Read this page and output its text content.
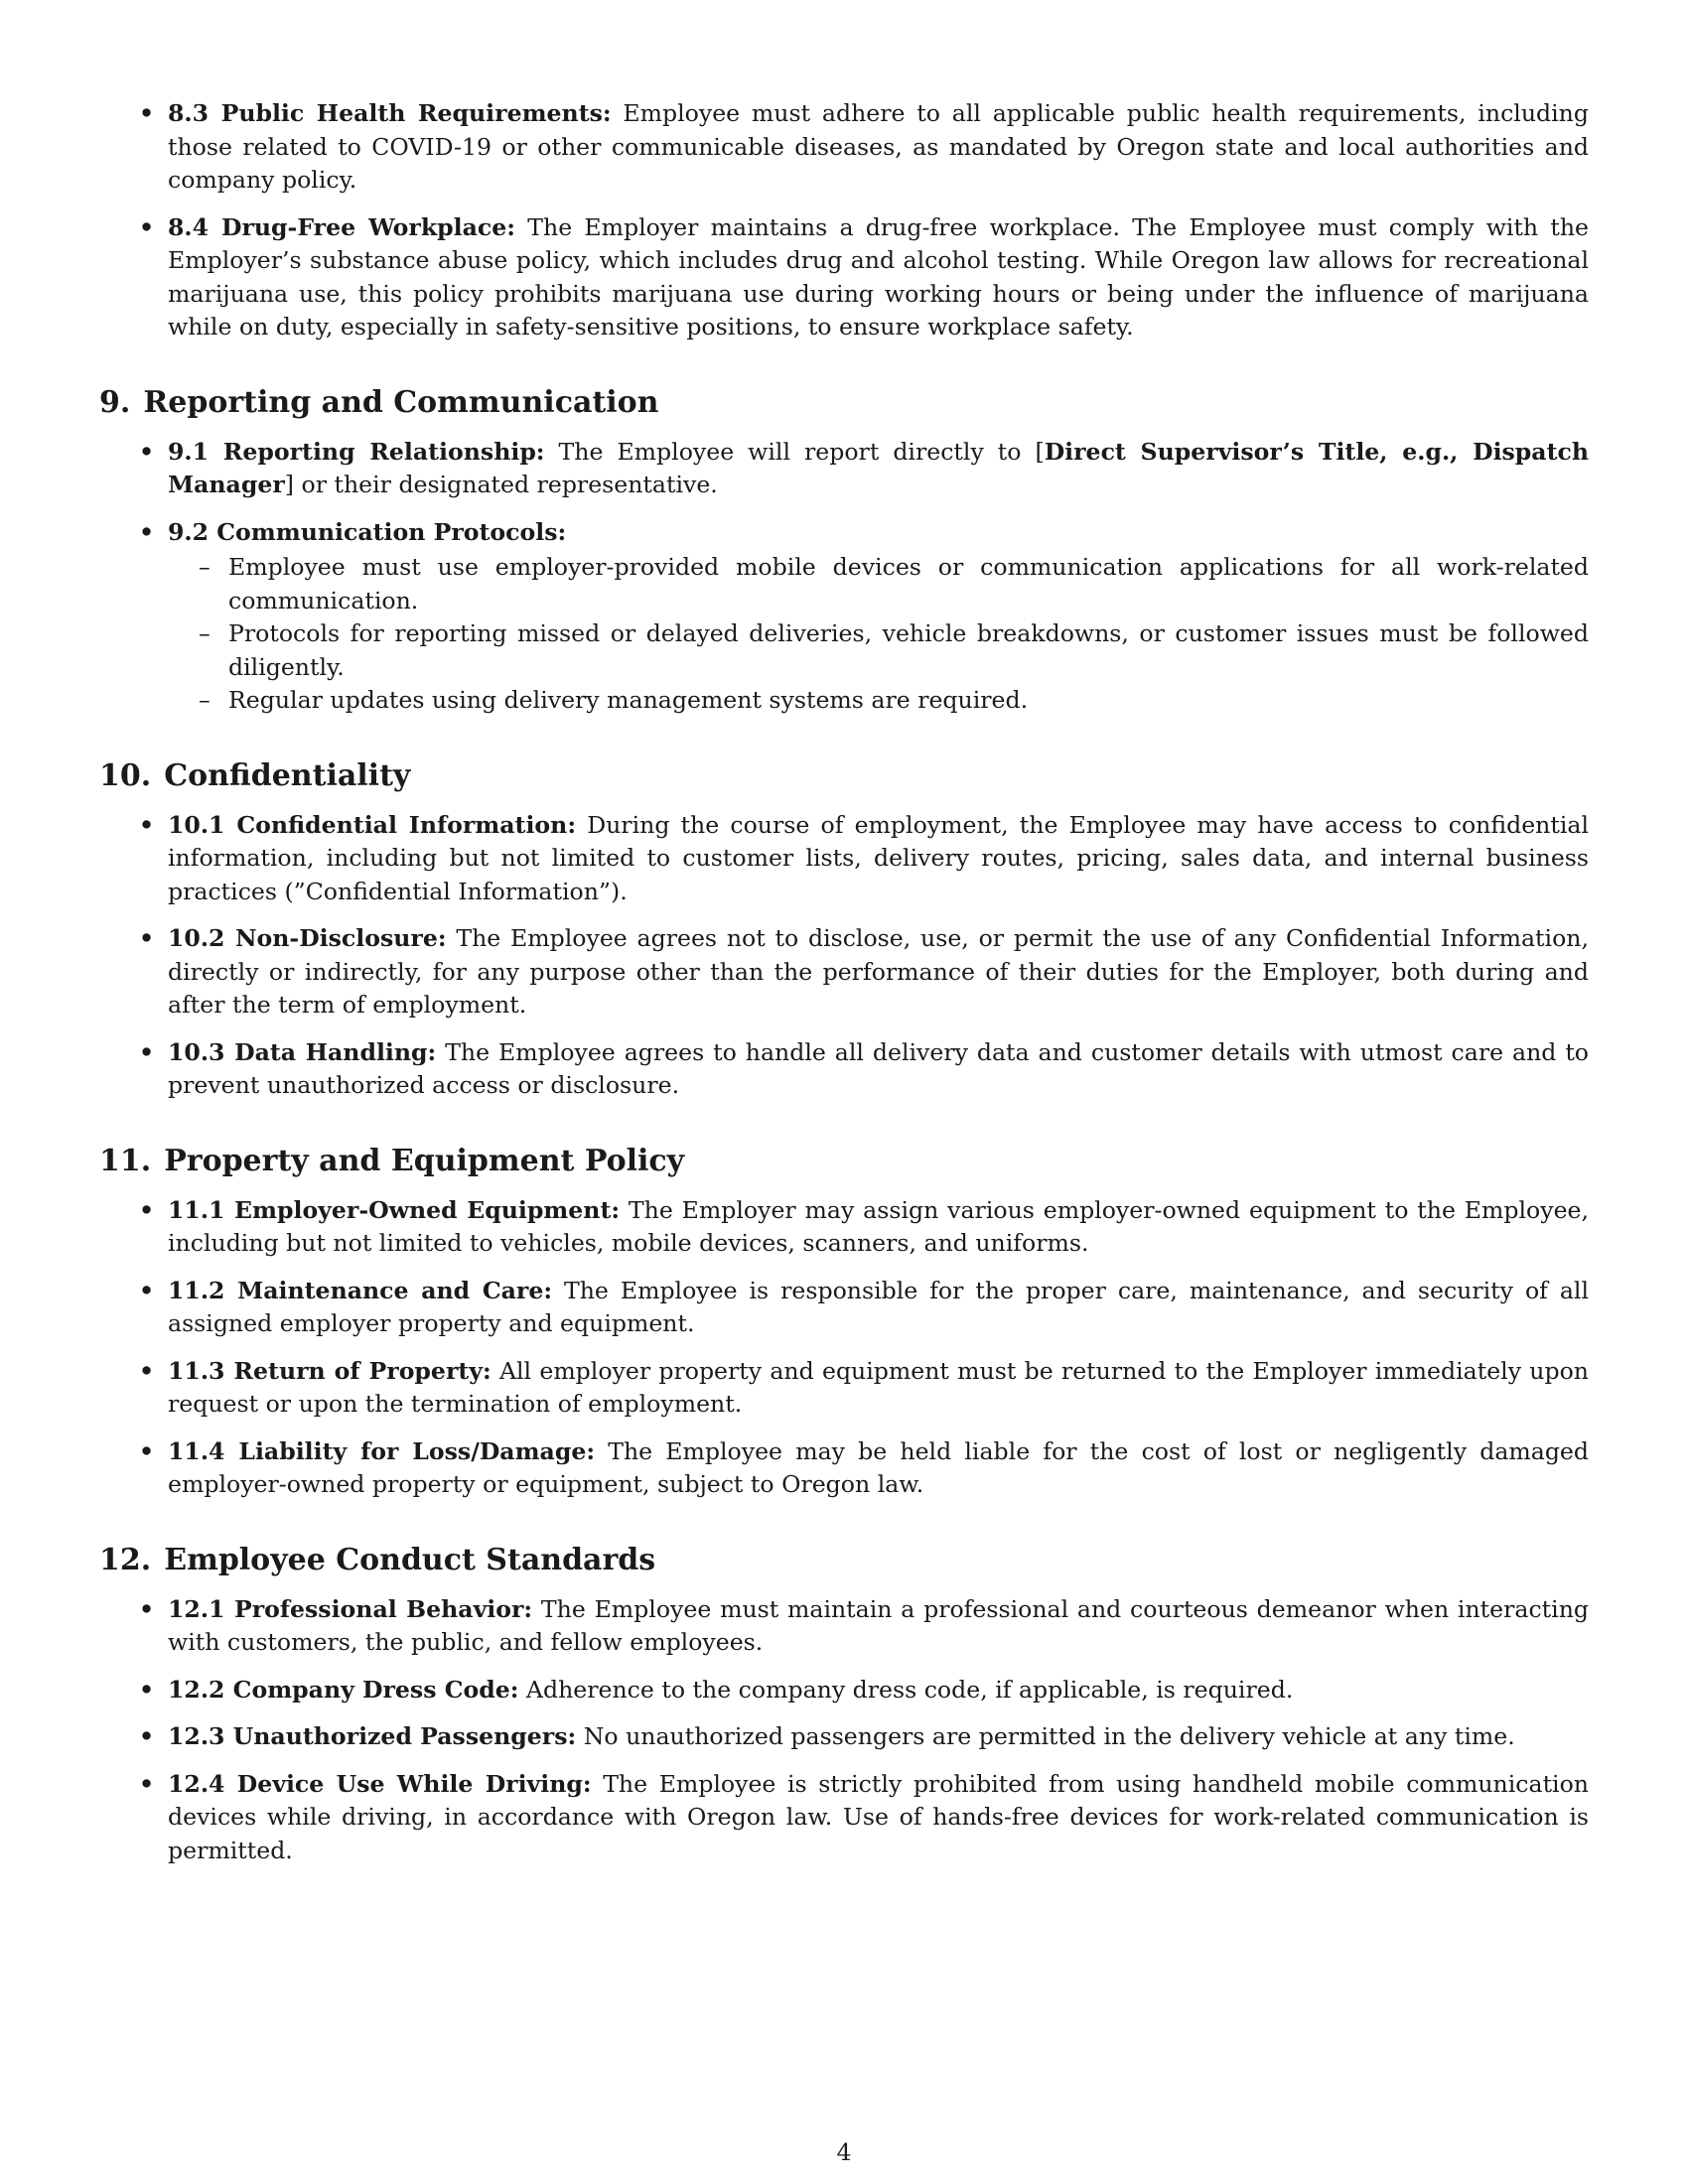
• 8.3 Public Health Requirements: Employee must adhere to all applicable public health requirements, including those related to COVID-19 or other communicable diseases, as mandated by Oregon state and local authorities and company policy.

• 8.4 Drug-Free Workplace: The Employer maintains a drug-free workplace. The Employee must comply with the Employer’s substance abuse policy, which includes drug and alcohol testing. While Oregon law allows for recreational marijuana use, this policy prohibits marijuana use during working hours or being under the influence of marijuana while on duty, especially in safety-sensitive positions, to ensure workplace safety.

9. Reporting and Communication
• 9.1 Reporting Relationship: The Employee will report directly to [Direct Supervisor’s Title, e.g., Dispatch Manager] or their designated representative.

• 9.2 Communication Protocols:

– Employee must use employer-provided mobile devices or communication applications for all work-related communication.

– Protocols for reporting missed or delayed deliveries, vehicle breakdowns, or customer issues must be followed diligently.

– Regular updates using delivery management systems are required.

10. Confidentiality
• 10.1 Confidential Information: During the course of employment, the Employee may have access to confidential information, including but not limited to customer lists, delivery routes, pricing, sales data, and internal business practices (”Confidential Information”).

• 10.2 Non-Disclosure: The Employee agrees not to disclose, use, or permit the use of any Confidential Information, directly or indirectly, for any purpose other than the performance of their duties for the Employer, both during and after the term of employment.

• 10.3 Data Handling: The Employee agrees to handle all delivery data and customer details with utmost care and to prevent unauthorized access or disclosure.

11. Property and Equipment Policy
• 11.1 Employer-Owned Equipment: The Employer may assign various employer-owned equipment to the Employee, including but not limited to vehicles, mobile devices, scanners, and uniforms.

• 11.2 Maintenance and Care: The Employee is responsible for the proper care, maintenance, and security of all assigned employer property and equipment.

• 11.3 Return of Property: All employer property and equipment must be returned to the Employer immediately upon request or upon the termination of employment.

• 11.4 Liability for Loss/Damage: The Employee may be held liable for the cost of lost or negligently damaged employer-owned property or equipment, subject to Oregon law.

12. Employee Conduct Standards
• 12.1 Professional Behavior: The Employee must maintain a professional and courteous demeanor when interacting with customers, the public, and fellow employees.

• 12.2 Company Dress Code: Adherence to the company dress code, if applicable, is required.

• 12.3 Unauthorized Passengers: No unauthorized passengers are permitted in the delivery vehicle at any time.

• 12.4 Device Use While Driving: The Employee is strictly prohibited from using handheld mobile communication devices while driving, in accordance with Oregon law. Use of hands-free devices for work-related communication is permitted.

4
